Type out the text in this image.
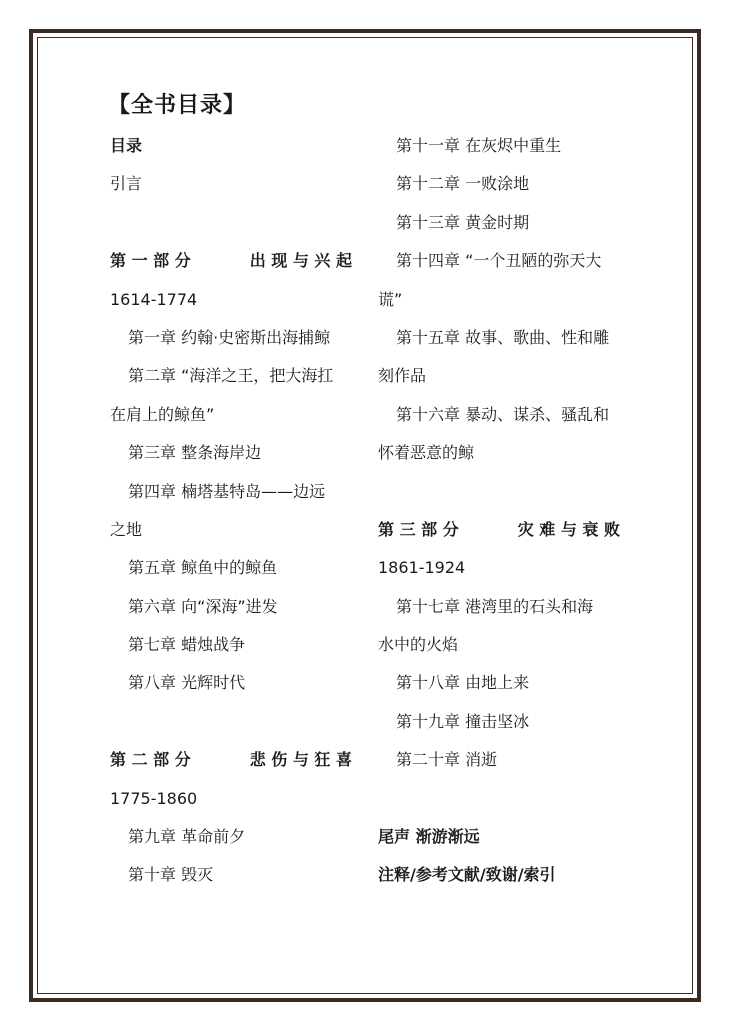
【全书目录】
目录
引言
第 一 部 分	出 现 与 兴 起
1614-1774
第一章 约翰·史密斯出海捕鲸
第二章 “海洋之王，把大海扛
在肩上的鲸鱼”
第三章 整条海岸边
第四章 楠塔基特岛——边远
之地
第五章 鲸鱼中的鲸鱼
第六章 向“深海”进发
第七章 蜡烛战争
第八章 光辉时代
第 二 部 分	悲 伤 与 狂 喜
1775-1860
第九章 革命前夕
第十章 毁灭
第十一章 在灰烬中重生
第十二章 一败涂地
第十三章 黄金时期
第十四章 “一个丑陋的弥天大
谎”
第十五章 故事、歌曲、性和雕
刻作品
第十六章 暴动、谋杀、骚乱和
怀着恶意的鲸
第 三 部 分	灾 难 与 衰 败
1861-1924
第十七章 港湾里的石头和海
水中的火焰
第十八章 由地上来
第十九章 撞击坚冰
第二十章 消逝
尾声 渐游渐远
注释/参考文献/致谢/索引
